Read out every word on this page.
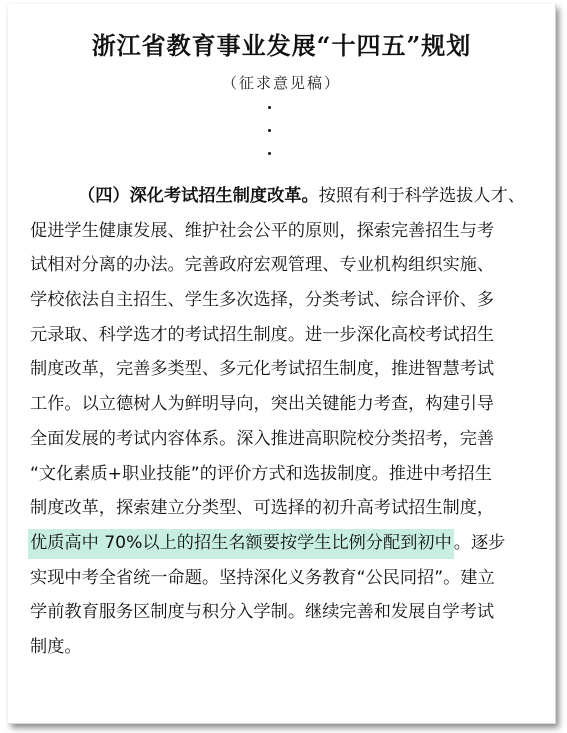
浙江省教育事业发展“十四五”规划
（征求意见稿）
（四）深化考试招生制度改革。按照有利于科学选拔人才、
促进学生健康发展、维护社会公平的原则，探索完善招生与考
试相对分离的办法。完善政府宏观管理、专业机构组织实施、
学校依法自主招生、学生多次选择，分类考试、综合评价、多
元录取、科学选才的考试招生制度。进一步深化高校考试招生
制度改革，完善多类型、多元化考试招生制度，推进智慧考试
工作。以立德树人为鲜明导向，突出关键能力考查，构建引导
全面发展的考试内容体系。深入推进高职院校分类招考，完善
“文化素质+职业技能”的评价方式和选拔制度。推进中考招生
制度改革，探索建立分类型、可选择的初升高考试招生制度，
优质高中 70%以上的招生名额要按学生比例分配到初中 。逐步
实现中考全省统一命题。坚持深化义务教育“公民同招”。建立
学前教育服务区制度与积分入学制。继续完善和发展自学考试
制度。
